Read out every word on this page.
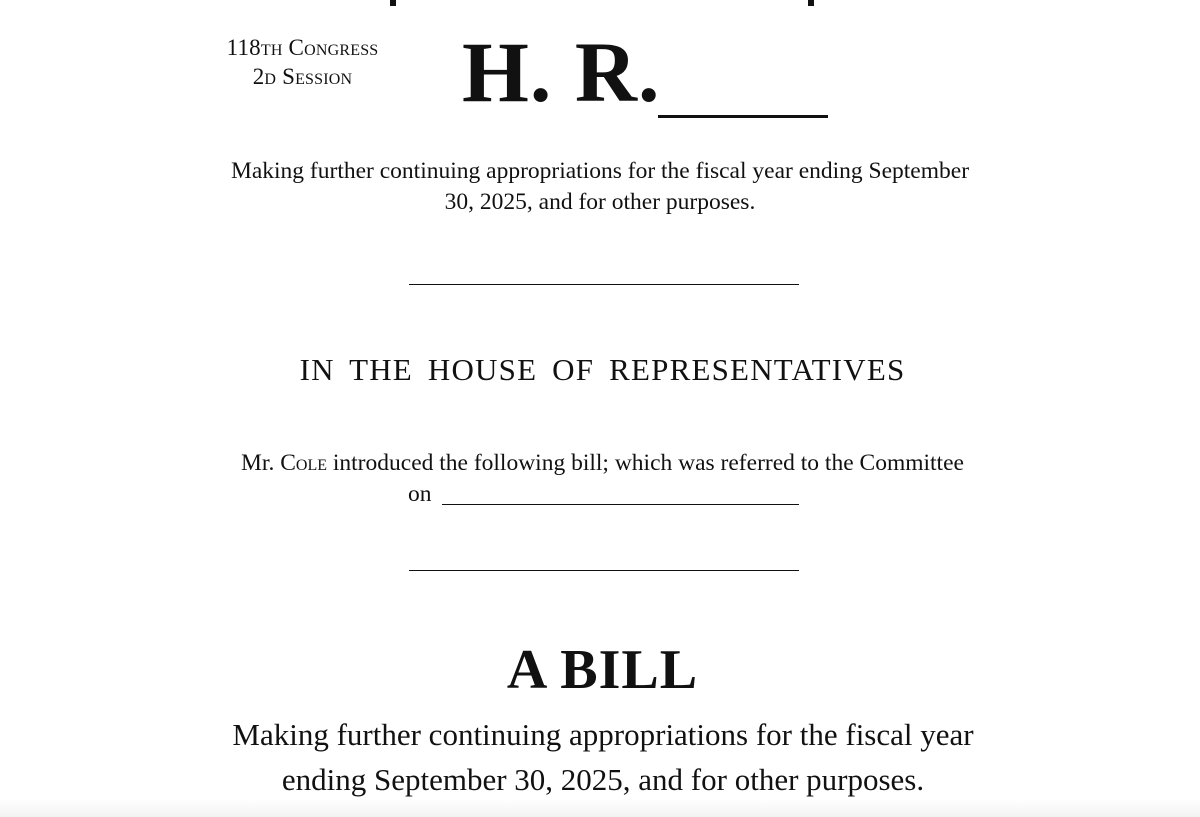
118th Congress
2d Session	H. R.
Making further continuing appropriations for the fiscal year ending September
30, 2025, and for other purposes.
IN THE HOUSE OF REPRESENTATIVES
Mr. Cole introduced the following bill; which was referred to the Committee
on
A BILL
Making further continuing appropriations for the fiscal year
ending September 30, 2025, and for other purposes.
